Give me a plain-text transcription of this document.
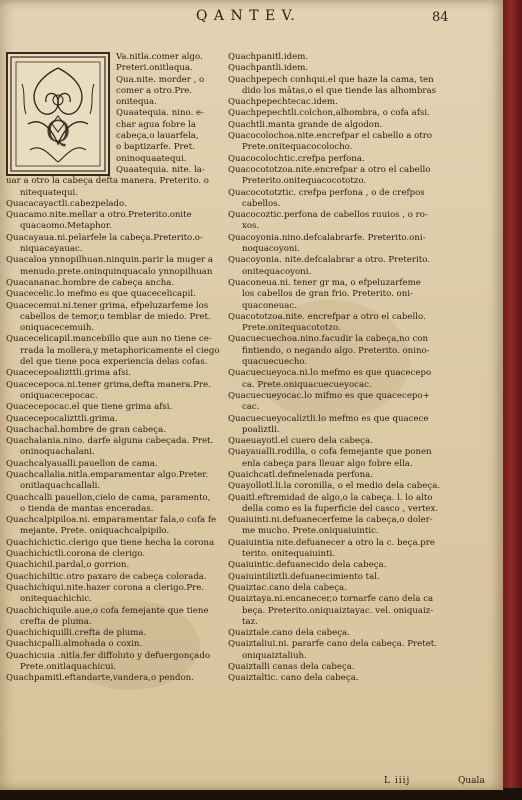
Q A N T E V.	84
Q
Va.nitla.comer algo.
Preteri.onitlaqua.
Qua.nite. morder , o
comer a otro.Pre.
onitequa.
Quaatequia. nino. e-
char agua fobre la
cabeça,o lauarfela,
o baptizarfe. Pret.
oninoquaatequi.
Quaatequia. nite. la-
uar a otro la cabeça defta manera. Preterito. o
nitequatequi.
Quacacayactli.cabezpelado.
Quacamo.nite.mellar a otro.Preterito.onite
quacaomo.Metaphor.
Quacayaua.ni.pelarfele la cabeça.Preterito.o-
niquacayauac.
Quacaloa ynnopilhuan.ninquin.parir la muger a
menudo.prete.oninquinquacalo ynnopilhuan
Quacananac.hombre de cabeça ancha.
Quacecelic.lo mefmo es que quacecelicapil.
Quacecemui.ni.tener grima, efpeluzarfeme los
cabellos de temor,o temblar de miedo. Pret.
oniquacecemuih.
Quacecelicapil.mancebillo que aun no tiene ce-
rrada la mollera,y metaphoricamente el ciego
del que tiene poca experiencia delas cofas.
Quacecepoalizttli.grima afsi.
Quacecepoca.ni.tener grima,defta manera.Pre.
oniquacecepocac.
Quacecepocac.el que tiene grima afsi.
Quacecepocalizttli.grima.
Quachachal.hombre de gran cabeça.
Quachalania.nino. darfe alguna cabeçada. Pret.
oninoquachalani.
Quachcalyaualli.pauellon de cama.
Quachcallalia.nitla.emparamentar algo.Preter.
onitlaquachcallali.
Quachcalli pauellon,cielo de cama, paramento,
o tienda de mantas enceradas.
Quachcalpipiloa.ni. emparamentar fala,o cofa fe
mejante. Prete. oniquachcalpipilo.
Quachichictic.clerigo que tiene hecha la corona
Quachichictli.corona de clerigo.
Quachichil.pardal,o gorrion.
Quachichiltic.otro paxaro de cabeça colorada.
Quachichiqui.nite.hazer corona a clerigo.Pre.
onitequachichic.
Quachichiquile.aue,o cofa femejante que tiene
crefta de pluma.
Quachichiquilli.crefta de pluma.
Quachicpalli.almohada o coxin.
Quachicuia .nitla.fer diffoluto y defuergonçado
Prete.onitlaquachicui.
Quachpamitl.eftandarte,vandera,o pendon.
Quachpanitl.idem.
Quachpantli.idem.
Quachpepech conhqui.el que haze la cama, ten
dido los mātas,o el que tiende las alhombras
Quachpepechtecac.idem.
Quachpepechtli.colchon,alhombra, o cofa afsi.
Quachtli.manta grande de algodon.
Quacocolochoa.nite.encrefpar el cabello a otro
Prete.onitequacocolocho.
Quacocolochtic.crefpa perfona.
Quacocototzoa.nite.encrefpar a otro el cabello
Preterito.onitequacocototzo.
Quacocototztic. crefpa perfona , o de crefpos
cabellos.
Quacocoztic.perfona de cabellos ruuios , o ro-
xos.
Quacoyonia.nino.defcalabrarfe. Preterito.oni-
noquacoyoni.
Quacoyonia. nite.defcalabrar a otro. Preterito.
onitequacoyoni.
Quaconeua.ni. tener gr ma, o efpeluzarfeme
los cabellos de gran frio. Preterito. oni-
quaconeuac.
Quacototzoa.nite. encrefpar a otro el cabello.
Prete.onitequacototzo.
Quacuecuechoa.nino.facudir la cabeça,no con
fintiendo, o negando algo. Preterito. onino-
quacuecuecho.
Quacuecueyoca.ni.lo mefmo es que quacecepo
ca. Prete.oniquacuecueyocac.
Quacuecueyocac.lo mifmo es que quacecepo+
cac.
Quacuecueyocaliztli.lo mefmo es que quacece
poaliztli.
Quaeuayotl.el cuero dela cabeça.
Quayaualli.rodilla, o cofa femejante que ponen
enla cabeça para lleuar algo fobre ella.
Quaichcatl.defmelenada perfona.
Quayollotl.li.la coronilla, o el medio dela cabeça.
Quaitl.eftremidad de algo,o la cabeça. l. lo alto
della como es la fuperficie del casco , vertex.
Quaiuinti.ni.defuanecerfeme la cabeça,o doler-
me mucho. Prete.oniquaiuintic.
Quaiuintia nite.defuanecer a otro la c. beça.pre
terito. onitequaiuinti.
Quaiuintic.defuanecido dela cabeça.
Quaiuintiliztli.defuanecimiento tal.
Quaiztac.cano dela cabeça.
Quaiztaya.ni.encanecer,o tornarfe cano dela ca
beça. Preterito.oniquaiztayac. vel. oniquaiz-
taz.
Quaiztale.cano dela cabeça.
Quaiztaliui.ni. pararfe cano dela cabeça. Pretet.
oniquaiztaliuh.
Quaiztalli canas dela cabeça.
Quaiztaltic. cano dela cabeça.
L iiij	Quala
